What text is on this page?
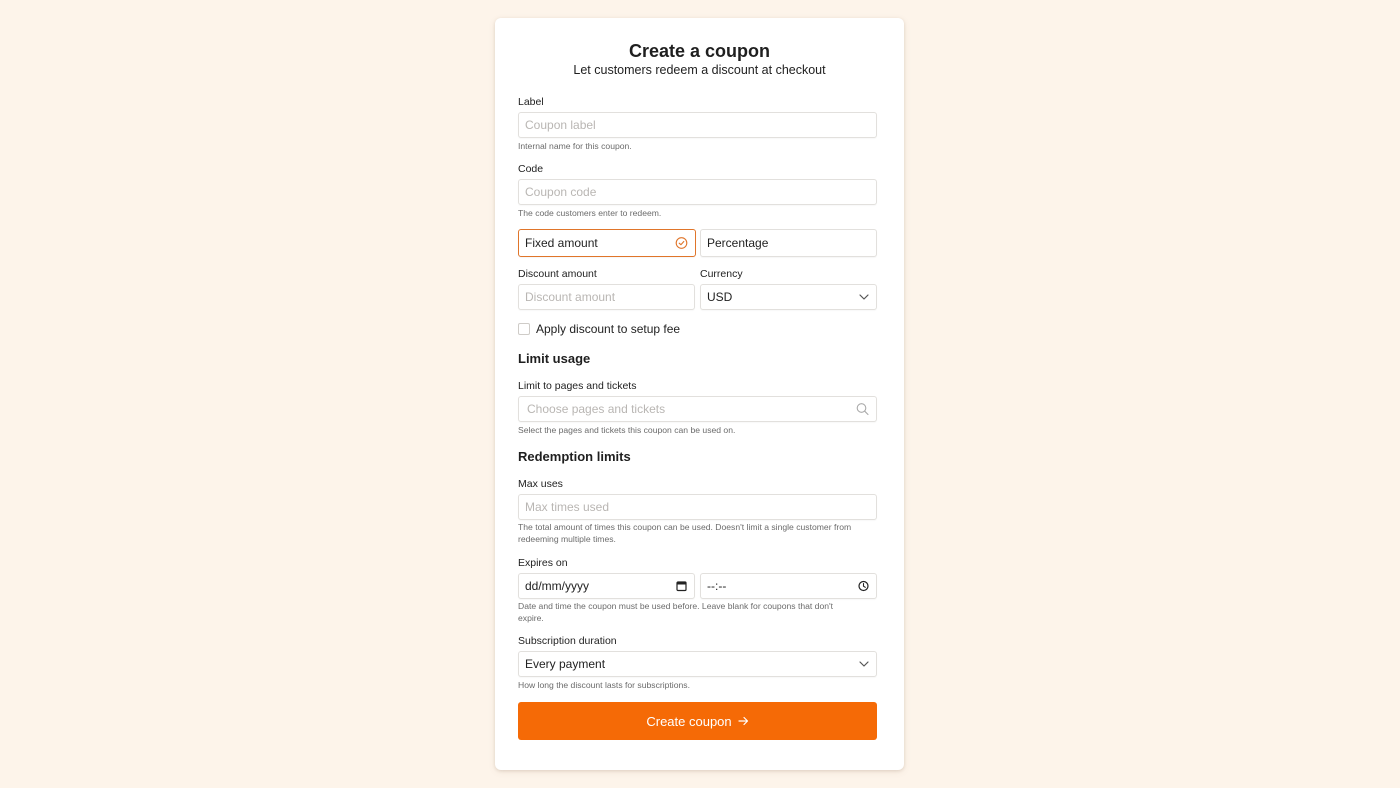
Create a coupon
Let customers redeem a discount at checkout
Label
Coupon label
Internal name for this coupon.
Code
Coupon code
The code customers enter to redeem.
Fixed amount	Percentage
Discount amount
Discount amount
Currency
USD
Apply discount to setup fee
Limit usage
Limit to pages and tickets
Choose pages and tickets
Select the pages and tickets this coupon can be used on.
Redemption limits
Max uses
Max times used
The total amount of times this coupon can be used. Doesn't limit a single customer from
redeeming multiple times.
Expires on
dd/mm/yyyy	--:--
Date and time the coupon must be used before. Leave blank for coupons that don't
expire.
Subscription duration
Every payment
How long the discount lasts for subscriptions.
Create coupon
